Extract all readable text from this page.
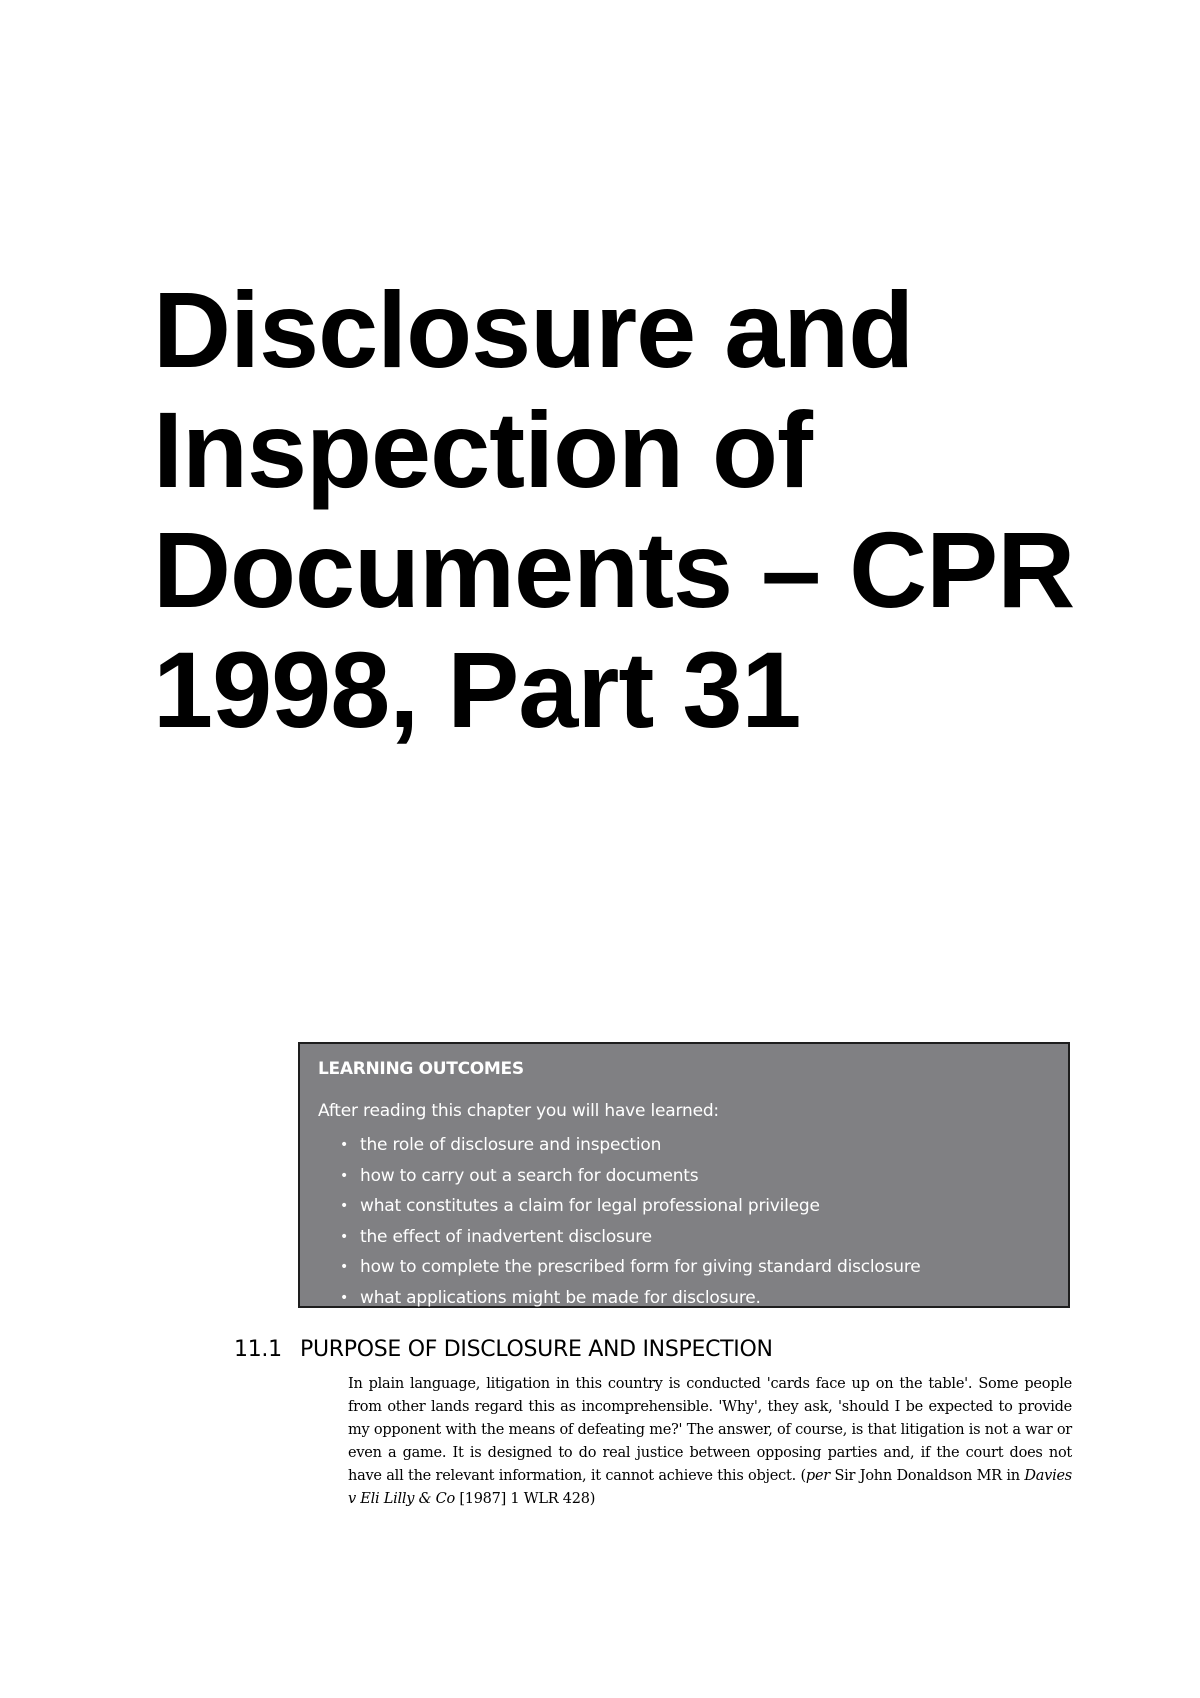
Disclosure and
Inspection of
Documents – CPR
1998, Part 31
LEARNING OUTCOMES
After reading this chapter you will have learned:
• the role of disclosure and inspection
• how to carry out a search for documents
• what constitutes a claim for legal professional privilege
• the effect of inadvertent disclosure
• how to complete the prescribed form for giving standard disclosure
• what applications might be made for disclosure.
11.1 PURPOSE OF DISCLOSURE AND INSPECTION

In plain language, litigation in this country is conducted 'cards face up on the table'. Some people from other lands regard this as incomprehensible. 'Why', they ask, 'should I be expected to provide my opponent with the means of defeating me?' The answer, of course, is that litigation is not a war or even a game. It is designed to do real justice between opposing parties and, if the court does not have all the relevant information, it cannot achieve this object. (per Sir John Donaldson MR in Davies v Eli Lilly & Co [1987] 1 WLR 428)
